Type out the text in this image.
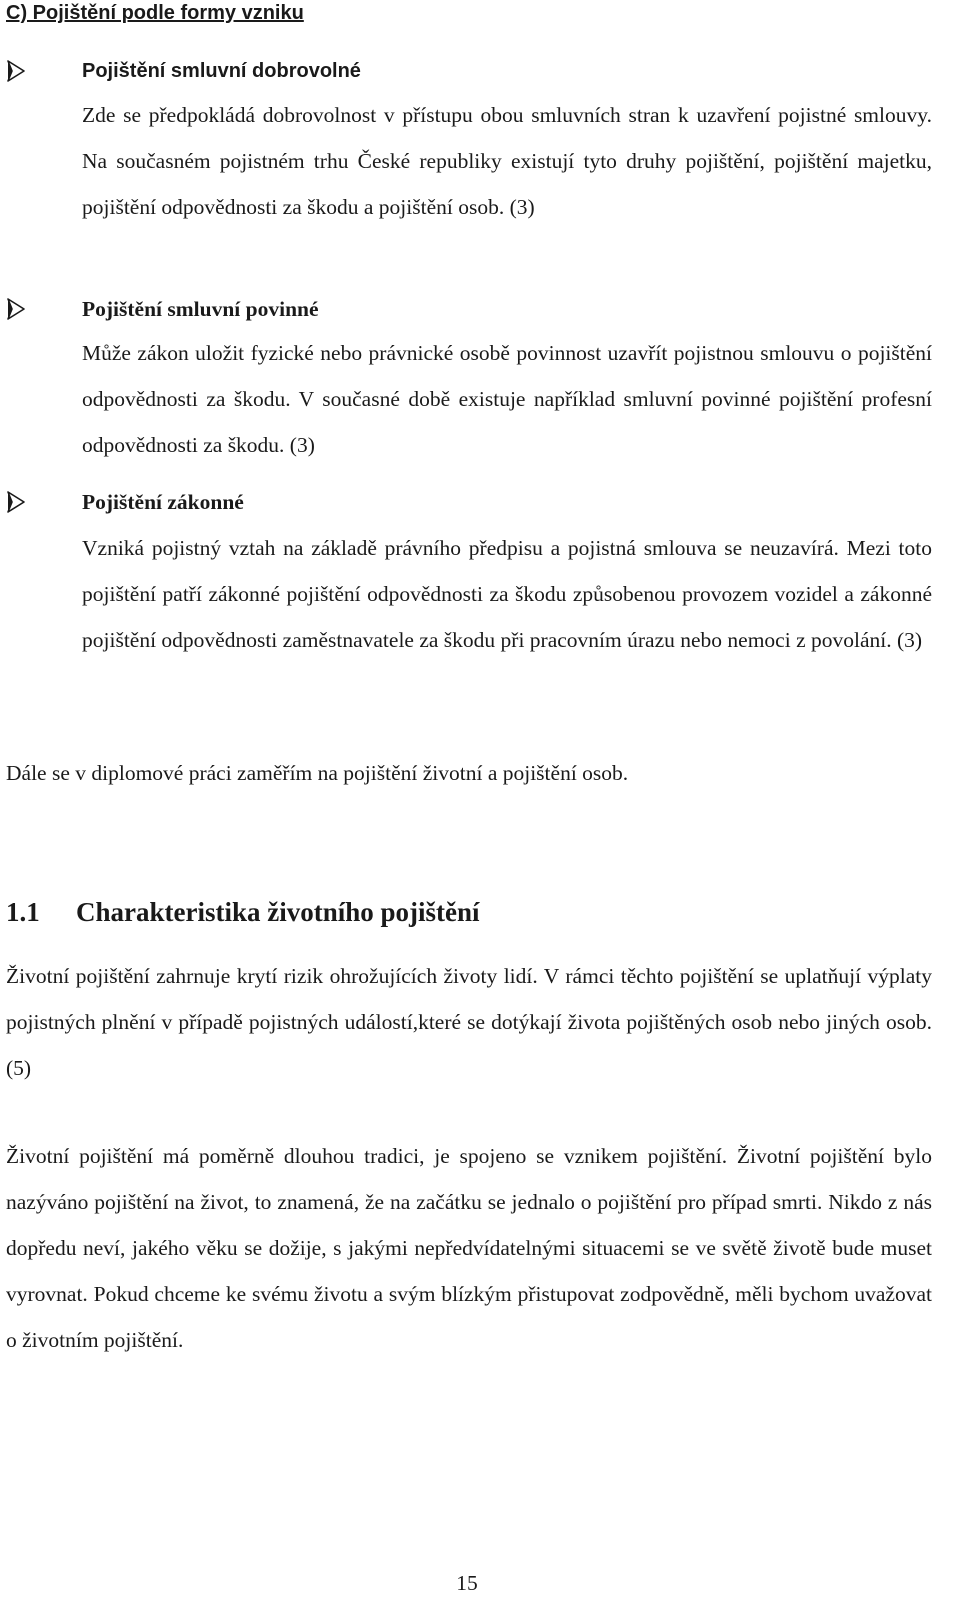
C) Pojištění podle formy vzniku
Pojištění smluvní dobrovolné

Zde se předpokládá dobrovolnost v přístupu obou smluvních stran k uzavření pojistné smlouvy. Na současném pojistném trhu České republiky existují tyto druhy pojištění, pojištění majetku, pojištění odpovědnosti za škodu a pojištění osob. (3)

Pojištění smluvní povinné

Může zákon uložit fyzické nebo právnické osobě povinnost uzavřít pojistnou smlouvu o pojištění odpovědnosti za škodu. V současné době existuje například smluvní povinné pojištění profesní odpovědnosti za škodu. (3)

Pojištění zákonné

Vzniká pojistný vztah na základě právního předpisu a pojistná smlouva se neuzavírá. Mezi toto pojištění patří zákonné pojištění odpovědnosti za škodu způsobenou provozem vozidel a zákonné pojištění odpovědnosti zaměstnavatele za škodu při pracovním úrazu nebo nemoci z povolání. (3)

Dále se v diplomové práci zaměřím na pojištění životní a pojištění osob.

1.1 Charakteristika životního pojištění

Životní pojištění zahrnuje krytí rizik ohrožujících životy lidí. V rámci těchto pojištění se uplatňují výplaty pojistných plnění v případě pojistných událostí,které se dotýkají života pojištěných osob nebo jiných osob. (5)

Životní pojištění má poměrně dlouhou tradici, je spojeno se vznikem pojištění. Životní pojištění bylo nazýváno pojištění na život, to znamená, že na začátku se jednalo o pojištění pro případ smrti. Nikdo z nás dopředu neví, jakého věku se dožije, s jakými nepředvídatelnými situacemi se ve světě životě bude muset vyrovnat. Pokud chceme ke svému životu a svým blízkým přistupovat zodpovědně, měli bychom uvažovat o životním pojištění.

15
